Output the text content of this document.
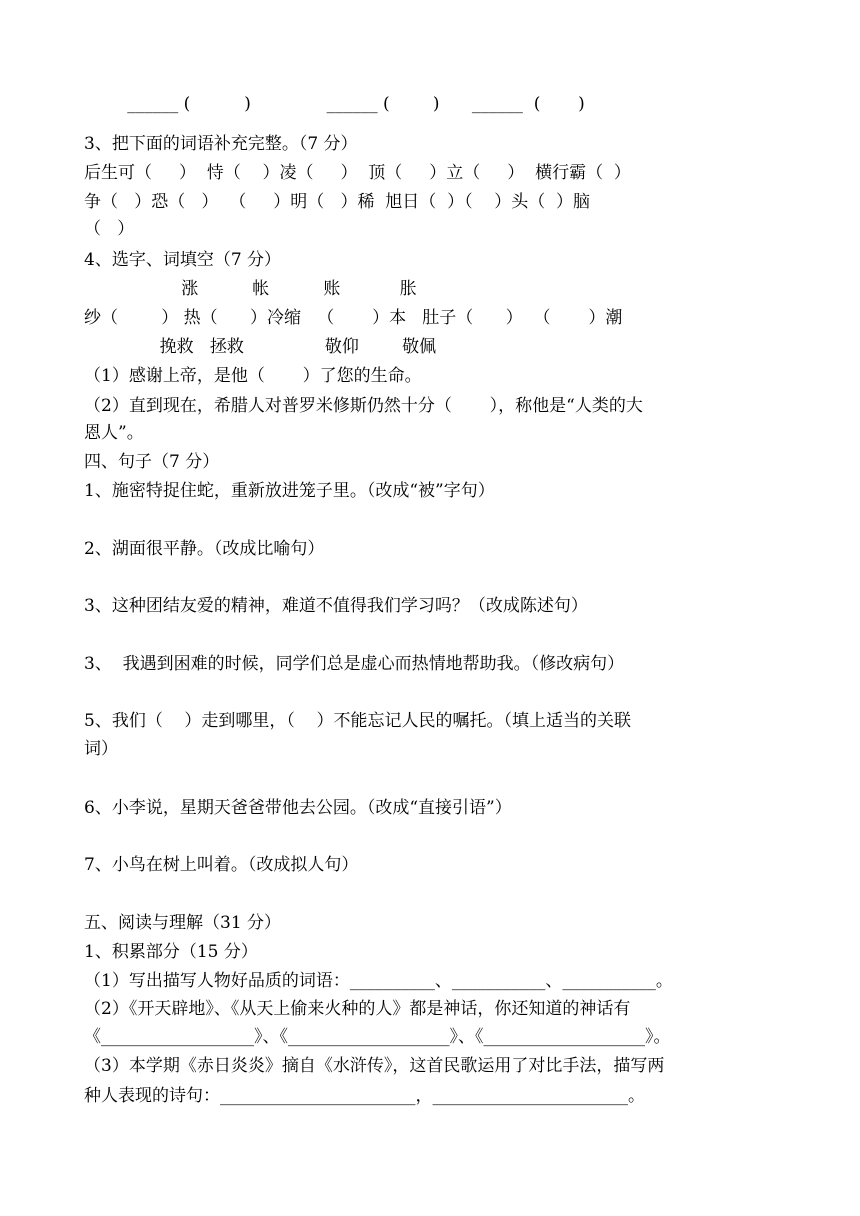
______ (          )              ______ (        )      ______  (       )
3、把下面的词语补充完整。（7 分）
后生可（     ）  恃（    ）凌（     ）  顶（     ）立（     ）  横行霸（  ）
争（   ）恐（   ）  （     ）明（   ）稀  旭日（  ）（    ）头（  ）脑
（   ）
4、选字、词填空（7 分）
涨          帐          账           胀
纱（        ） 热（      ）冷缩   （       ）本   肚子（      ）  （       ）潮
挽救   拯救               敬仰        敬佩
（1）感谢上帝，是他（       ）了您的生命。
（2）直到现在，希腊人对普罗米修斯仍然十分（       ），称他是“人类的大
恩人”。
四、句子（7 分）
1、施密特捉住蛇，重新放进笼子里。（改成“被”字句）
2、湖面很平静。（改成比喻句）
3、这种团结友爱的精神，难道不值得我们学习吗？（改成陈述句）
3、  我遇到困难的时候，同学们总是虚心而热情地帮助我。（修改病句）
5、我们（    ）走到哪里，（    ）不能忘记人民的嘱托。（填上适当的关联
词）
6、小李说，星期天爸爸带他去公园。（改成“直接引语”）
7、小鸟在树上叫着。（改成拟人句）
五、阅读与理解（31 分）
1、积累部分（15 分）
（1）写出描写人物好品质的词语：__________、___________、___________。
（2）《开天辟地》、《从天上偷来火种的人》都是神话，你还知道的神话有
《__________________》、《___________________》、《___________________》。
（3）本学期《赤日炎炎》摘自《水浒传》，这首民歌运用了对比手法，描写两
种人表现的诗句：_______________________，_______________________。
